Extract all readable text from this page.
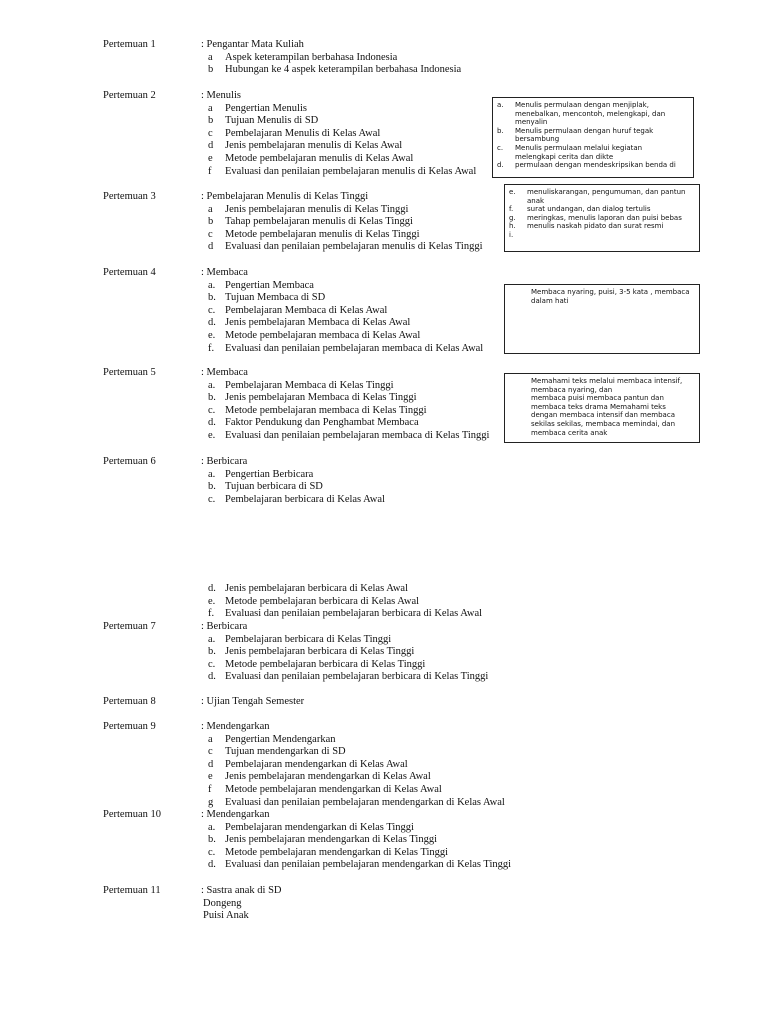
Pertemuan 1	: Pengantar Mata Kuliah
a Aspek keterampilan berbahasa Indonesia
b Hubungan ke 4 aspek keterampilan berbahasa Indonesia
Pertemuan 2	: Menulis
a Pengertian Menulis
b Tujuan Menulis di SD
c Pembelajaran Menulis di Kelas Awal
d Jenis pembelajaran menulis di Kelas Awal
e Metode pembelajaran menulis di Kelas Awal
f Evaluasi dan penilaian pembelajaran menulis di Kelas Awal
Pertemuan 3	: Pembelajaran Menulis di Kelas Tinggi
a Jenis pembelajaran menulis di Kelas Tinggi
b Tahap pembelajaran menulis di Kelas Tinggi
c Metode pembelajaran menulis di Kelas Tinggi
d Evaluasi dan penilaian pembelajaran menulis di Kelas Tinggi
Pertemuan 4	: Membaca
a. Pengertian Membaca
b. Tujuan Membaca di SD
c. Pembelajaran Membaca di Kelas Awal
d. Jenis pembelajaran Membaca di Kelas Awal
e. Metode pembelajaran membaca di Kelas Awal
f. Evaluasi dan penilaian pembelajaran membaca di Kelas Awal
Pertemuan 5	: Membaca
a. Pembelajaran Membaca di Kelas Tinggi
b. Jenis pembelajaran Membaca di Kelas Tinggi
c. Metode pembelajaran membaca di Kelas Tinggi
d. Faktor Pendukung dan Penghambat Membaca
e. Evaluasi dan penilaian pembelajaran membaca di Kelas Tinggi
Pertemuan 6	: Berbicara
a. Pengertian Berbicara
b. Tujuan berbicara di SD
c. Pembelajaran berbicara di Kelas Awal
d. Jenis pembelajaran berbicara di Kelas Awal
e. Metode pembelajaran berbicara di Kelas Awal
f. Evaluasi dan penilaian pembelajaran berbicara di Kelas Awal
Pertemuan 7	: Berbicara
a. Pembelajaran berbicara di Kelas Tinggi
b. Jenis pembelajaran berbicara di Kelas Tinggi
c. Metode pembelajaran berbicara di Kelas Tinggi
d. Evaluasi dan penilaian pembelajaran berbicara di Kelas Tinggi
Pertemuan 8	: Ujian Tengah Semester
Pertemuan 9	: Mendengarkan
a Pengertian Mendengarkan
c Tujuan mendengarkan di SD
d Pembelajaran mendengarkan di Kelas Awal
e Jenis pembelajaran mendengarkan di Kelas Awal
f Metode pembelajaran mendengarkan di Kelas Awal
g Evaluasi dan penilaian pembelajaran mendengarkan di Kelas Awal
Pertemuan 10	: Mendengarkan
a. Pembelajaran mendengarkan di Kelas Tinggi
b. Jenis pembelajaran mendengarkan di Kelas Tinggi
c. Metode pembelajaran mendengarkan di Kelas Tinggi
d. Evaluasi dan penilaian pembelajaran mendengarkan di Kelas Tinggi
Pertemuan 11	: Sastra anak di SD
Dongeng
Puisi Anak
a.	Menulis permulaan dengan menjiplak,
menebalkan, mencontoh, melengkapi, dan
menyalin
b.	Menulis permulaan dengan huruf tegak
bersambung
c.	Menulis permulaan melalui kegiatan
melengkapi cerita dan dikte
d.	permulaan dengan mendeskripsikan benda di
e.	menuliskarangan, pengumuman, dan pantun
anak
f.	surat undangan, dan dialog tertulis
g.	meringkas, menulis laporan dan puisi bebas
h.	menulis naskah pidato dan surat resmi
i.
Membaca nyaring, puisi, 3-5 kata , membaca
dalam hati
Memahami teks melalui membaca intensif,
membaca nyaring, dan
membaca puisi membaca pantun dan
membaca teks drama Memahami teks
dengan membaca intensif dan membaca
sekilas sekilas, membaca memindai, dan
membaca cerita anak
